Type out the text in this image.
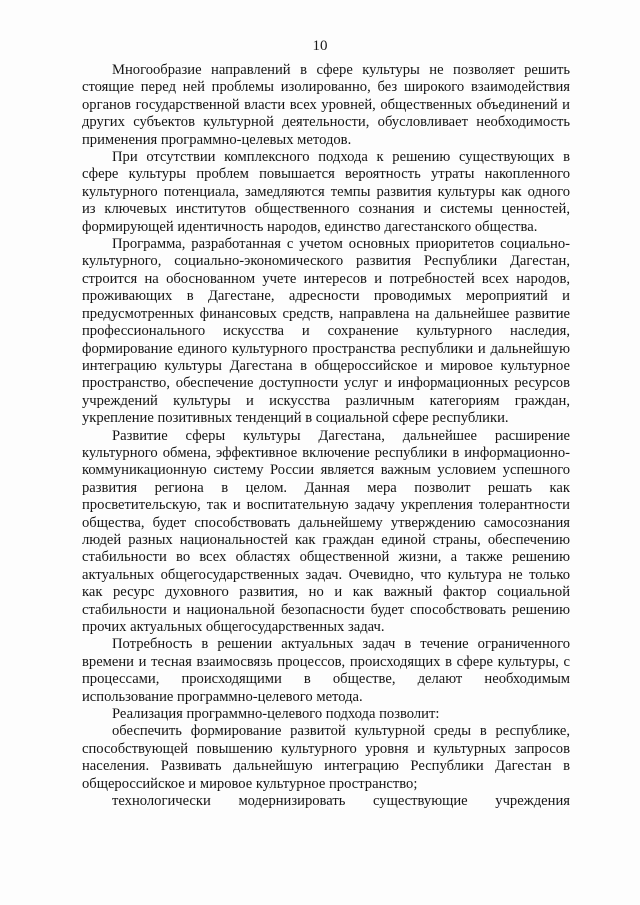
10

Многообразие направлений в сфере культуры не позволяет решить стоящие перед ней проблемы изолированно, без широкого взаимодействия органов государственной власти всех уровней, общественных объединений и других субъектов культурной деятельности, обусловливает необходимость применения программно-целевых методов.

При отсутствии комплексного подхода к решению существующих в сфере культуры проблем повышается вероятность утраты накопленного культурного потенциала, замедляются темпы развития культуры как одного из ключевых институтов общественного сознания и системы ценностей, формирующей идентичность народов, единство дагестанского общества.

Программа, разработанная с учетом основных приоритетов социально-культурного, социально-экономического развития Республики Дагестан, строится на обоснованном учете интересов и потребностей всех народов, проживающих в Дагестане, адресности проводимых мероприятий и предусмотренных финансовых средств, направлена на дальнейшее развитие профессионального искусства и сохранение культурного наследия, формирование единого культурного пространства республики и дальнейшую интеграцию культуры Дагестана в общероссийское и мировое культурное пространство, обеспечение доступности услуг и информационных ресурсов учреждений культуры и искусства различным категориям граждан, укрепление позитивных тенденций в социальной сфере республики.

Развитие сферы культуры Дагестана, дальнейшее расширение культурного обмена, эффективное включение республики в информационно-коммуникационную систему России является важным условием успешного развития региона в целом. Данная мера позволит решать как просветительскую, так и воспитательную задачу укрепления толерантности общества, будет способствовать дальнейшему утверждению самосознания людей разных национальностей как граждан единой страны, обеспечению стабильности во всех областях общественной жизни, а также решению актуальных общегосударственных задач. Очевидно, что культура не только как ресурс духовного развития, но и как важный фактор социальной стабильности и национальной безопасности будет способствовать решению прочих актуальных общегосударственных задач.

Потребность в решении актуальных задач в течение ограниченного времени и тесная взаимосвязь процессов, происходящих в сфере культуры, с процессами, происходящими в обществе, делают необходимым использование программно-целевого метода.

Реализация программно-целевого подхода позволит:

обеспечить формирование развитой культурной среды в республике, способствующей повышению культурного уровня и культурных запросов населения. Развивать дальнейшую интеграцию Республики Дагестан в общероссийское и мировое культурное пространство;

технологически модернизировать существующие учреждения
